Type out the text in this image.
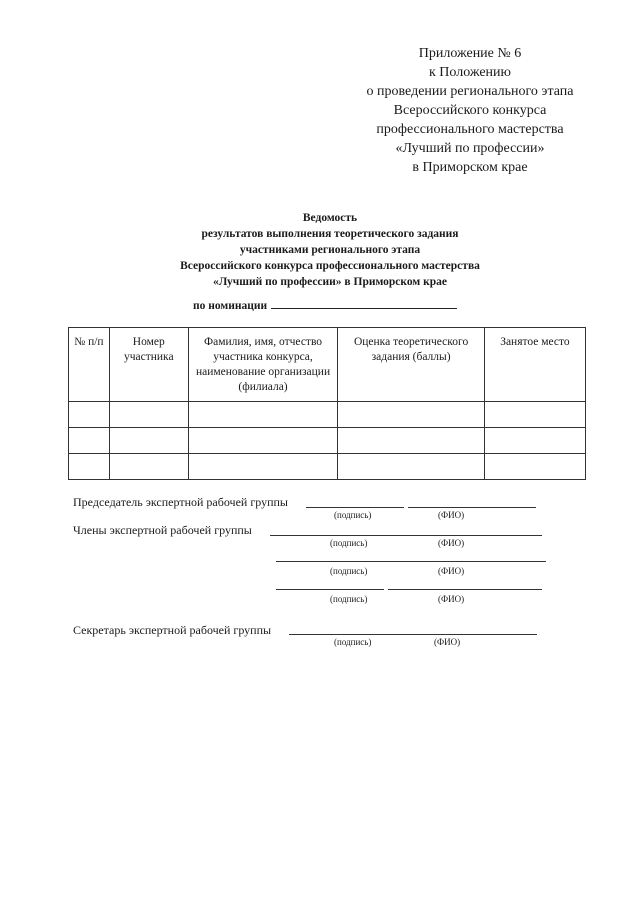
Приложение № 6
к Положению
о проведении регионального этапа
Всероссийского конкурса
профессионального мастерства
«Лучший по профессии»
в Приморском крае
Ведомость
результатов выполнения теоретического задания
участниками регионального этапа
Всероссийского конкурса профессионального мастерства
«Лучший по профессии» в Приморском крае
по номинации
№ п/п	Номер участника	Фамилия, имя, отчество участника конкурса, наименование организации (филиала)	Оценка теоретического задания (баллы)	Занятое место

Председатель экспертной рабочей группы
(подпись)	(ФИО)
Члены экспертной рабочей группы
(подпись)	(ФИО)
(подпись)	(ФИО)
(подпись)	(ФИО)
Секретарь экспертной рабочей группы
(подпись)	(ФИО)
